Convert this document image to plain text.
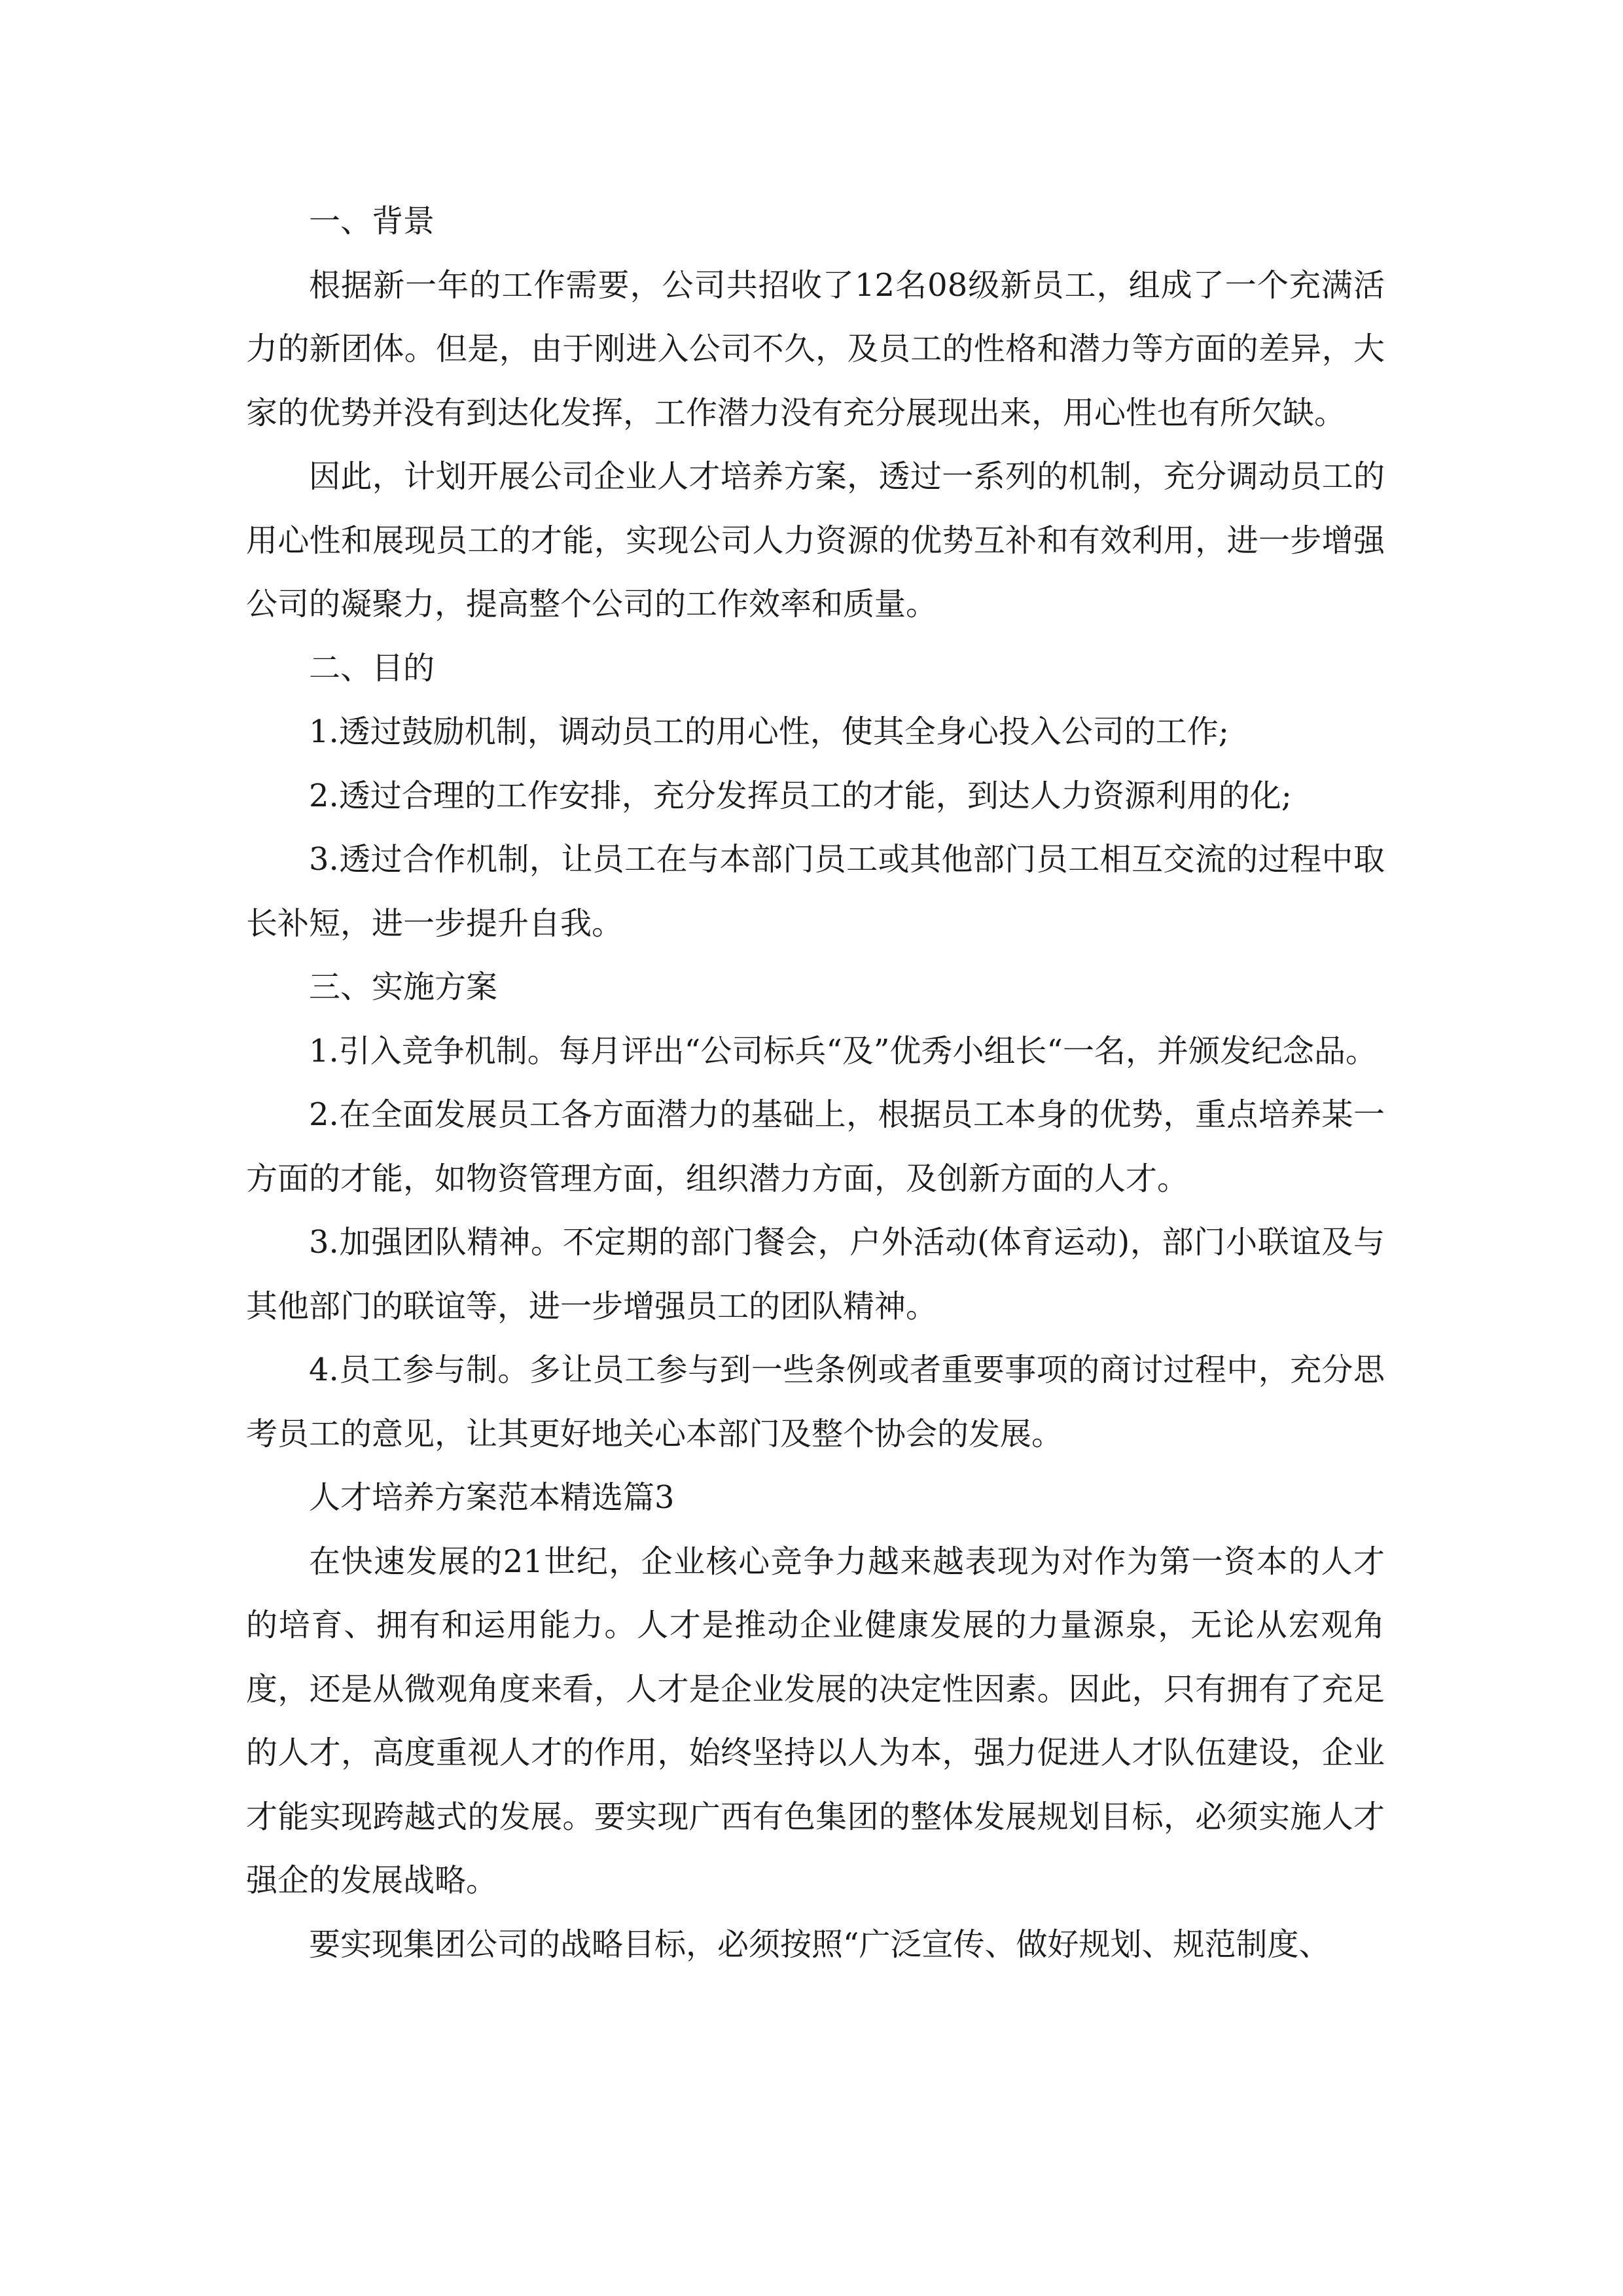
一、背景

根据新一年的工作需要，公司共招收了12名08级新员工，组成了一个充满活力的新团体。但是，由于刚进入公司不久，及员工的性格和潜力等方面的差异，大家的优势并没有到达化发挥，工作潜力没有充分展现出来，用心性也有所欠缺。

因此，计划开展公司企业人才培养方案，透过一系列的机制，充分调动员工的用心性和展现员工的才能，实现公司人力资源的优势互补和有效利用，进一步增强公司的凝聚力，提高整个公司的工作效率和质量。

二、目的

1.透过鼓励机制，调动员工的用心性，使其全身心投入公司的工作;

2.透过合理的工作安排，充分发挥员工的才能，到达人力资源利用的化;

3.透过合作机制，让员工在与本部门员工或其他部门员工相互交流的过程中取长补短，进一步提升自我。

三、实施方案

1.引入竞争机制。每月评出“公司标兵“及”优秀小组长“一名，并颁发纪念品。

2.在全面发展员工各方面潜力的基础上，根据员工本身的优势，重点培养某一方面的才能，如物资管理方面，组织潜力方面，及创新方面的人才。

3.加强团队精神。不定期的部门餐会，户外活动(体育运动)，部门小联谊及与其他部门的联谊等，进一步增强员工的团队精神。

4.员工参与制。多让员工参与到一些条例或者重要事项的商讨过程中，充分思考员工的意见，让其更好地关心本部门及整个协会的发展。

人才培养方案范本精选篇3

在快速发展的21世纪，企业核心竞争力越来越表现为对作为第一资本的人才的培育、拥有和运用能力。人才是推动企业健康发展的力量源泉，无论从宏观角度，还是从微观角度来看，人才是企业发展的决定性因素。因此，只有拥有了充足的人才，高度重视人才的作用，始终坚持以人为本，强力促进人才队伍建设，企业才能实现跨越式的发展。要实现广西有色集团的整体发展规划目标，必须实施人才强企的发展战略。

要实现集团公司的战略目标，必须按照“广泛宣传、做好规划、规范制度、
